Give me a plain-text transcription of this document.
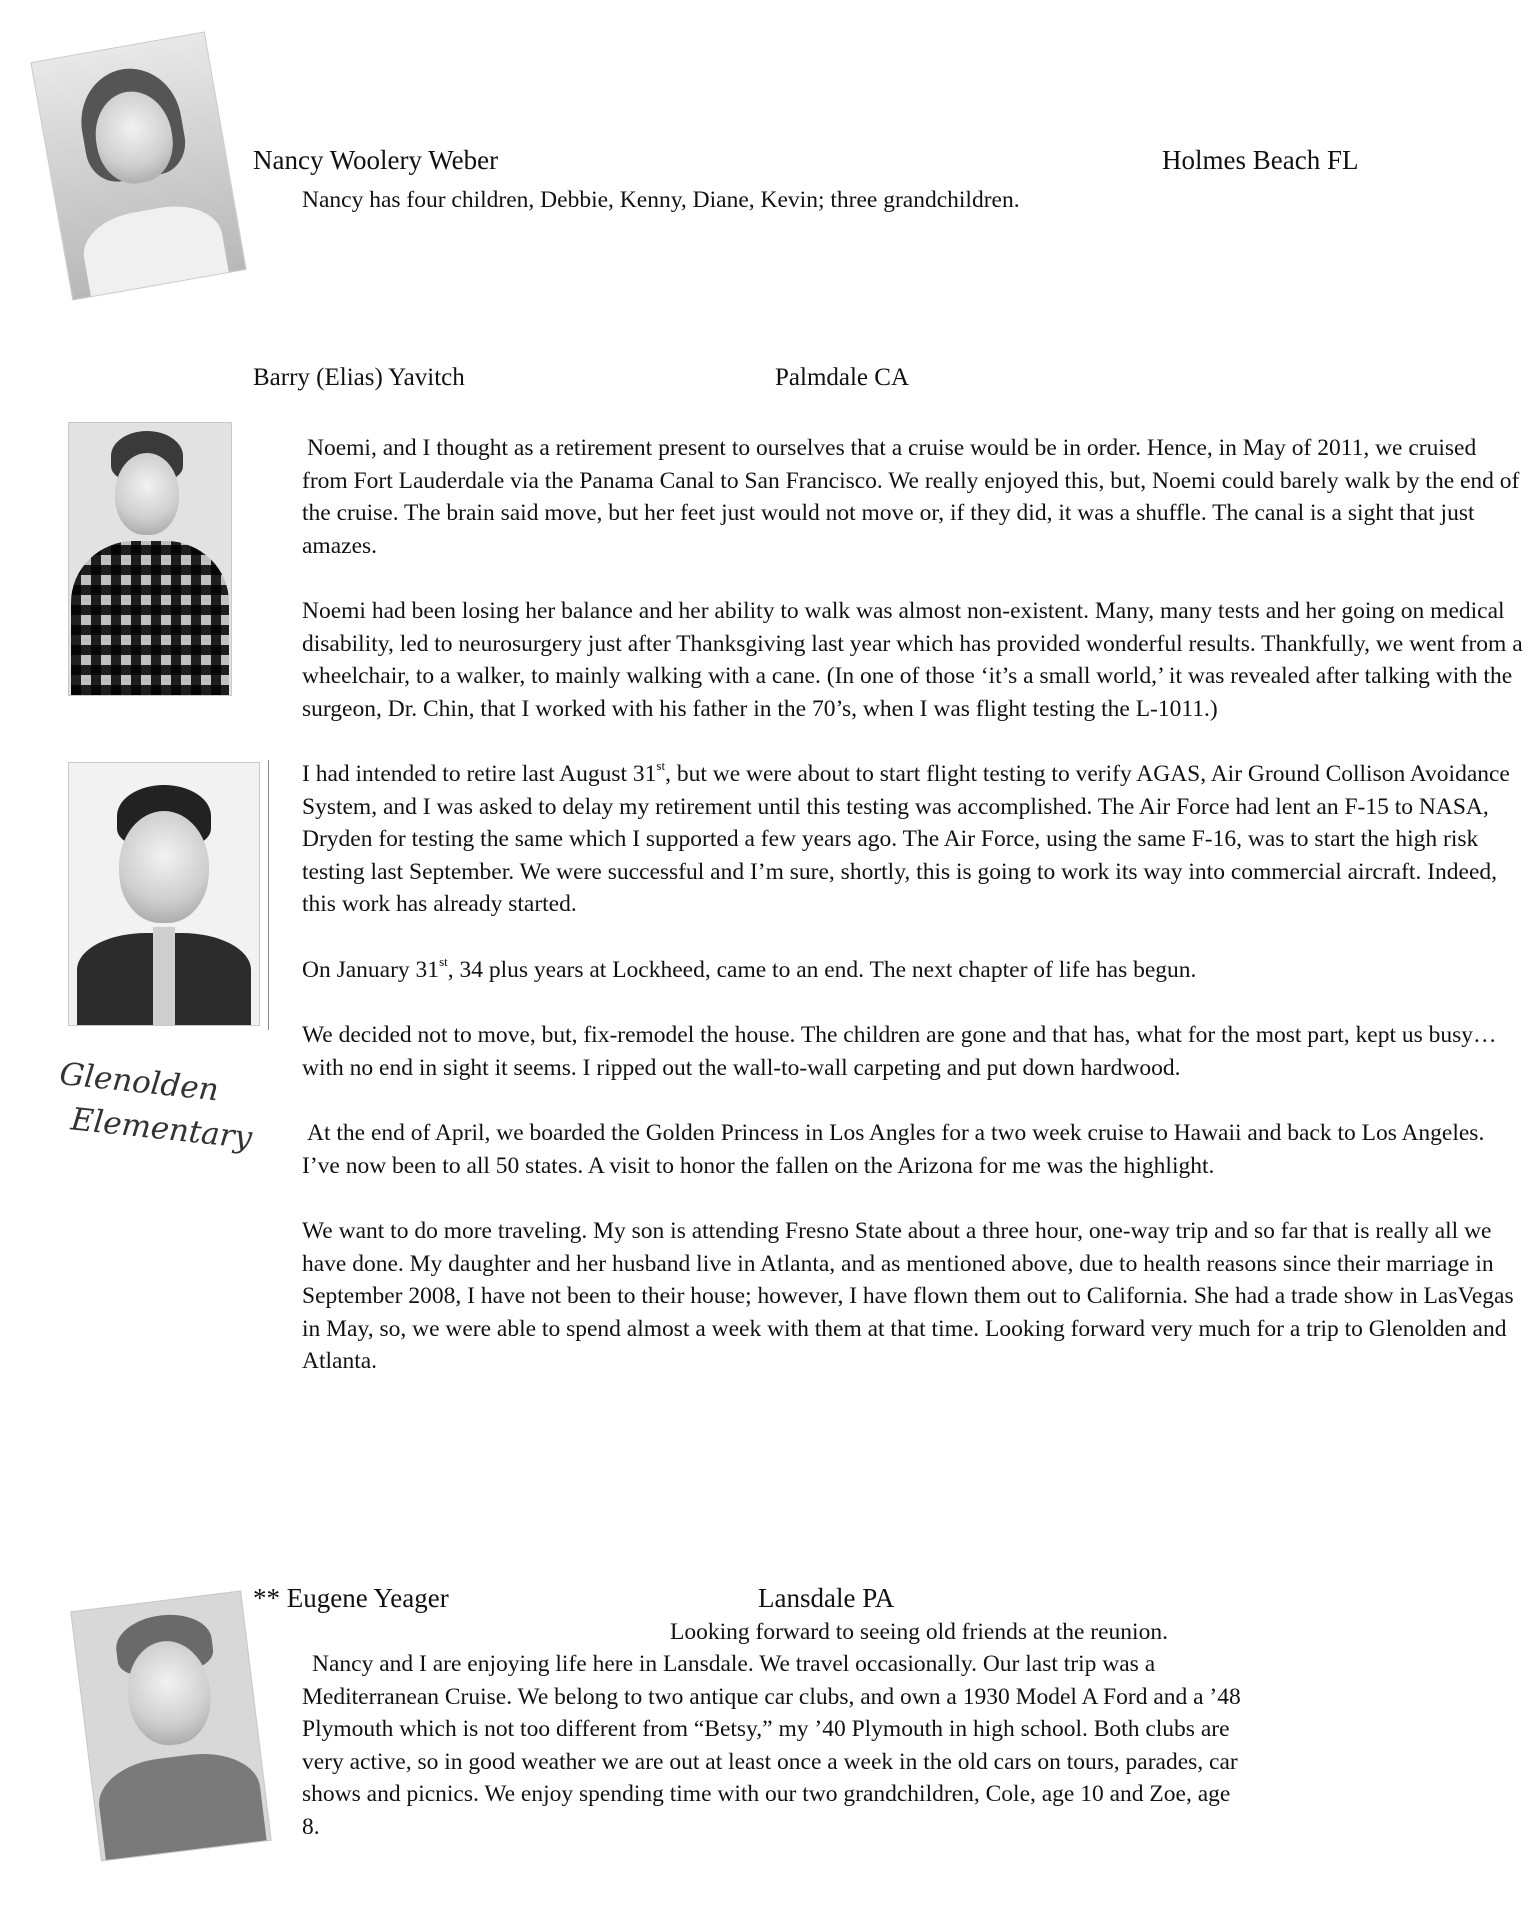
Nancy Woolery Weber	Holmes Beach FL
Nancy has four children, Debbie, Kenny, Diane, Kevin; three grandchildren.
Barry (Elias) Yavitch	Palmdale CA
Glenolden
Elementary

Noemi, and I thought as a retirement present to ourselves that a cruise would be in order. Hence, in May of 2011, we cruised from Fort Lauderdale via the Panama Canal to San Francisco. We really enjoyed this, but, Noemi could barely walk by the end of the cruise. The brain said move, but her feet just would not move or, if they did, it was a shuffle. The canal is a sight that just amazes.

Noemi had been losing her balance and her ability to walk was almost non-existent. Many, many tests and her going on medical disability, led to neurosurgery just after Thanksgiving last year which has provided wonderful results. Thankfully, we went from a wheelchair, to a walker, to mainly walking with a cane. (In one of those ‘it’s a small world,’ it was revealed after talking with the surgeon, Dr. Chin, that I worked with his father in the 70’s, when I was flight testing the L-1011.)

I had intended to retire last August 31st, but we were about to start flight testing to verify AGAS, Air Ground Collison Avoidance System, and I was asked to delay my retirement until this testing was accomplished. The Air Force had lent an F-15 to NASA, Dryden for testing the same which I supported a few years ago. The Air Force, using the same F-16, was to start the high risk testing last September. We were successful and I’m sure, shortly, this is going to work its way into commercial aircraft. Indeed, this work has already started.

On January 31st, 34 plus years at Lockheed, came to an end. The next chapter of life has begun.

We decided not to move, but, fix-remodel the house. The children are gone and that has, what for the most part, kept us busy… with no end in sight it seems. I ripped out the wall-to-wall carpeting and put down hardwood.

At the end of April, we boarded the Golden Princess in Los Angles for a two week cruise to Hawaii and back to Los Angeles. I’ve now been to all 50 states. A visit to honor the fallen on the Arizona for me was the highlight.

We want to do more traveling. My son is attending Fresno State about a three hour, one-way trip and so far that is really all we have done. My daughter and her husband live in Atlanta, and as mentioned above, due to health reasons since their marriage in September 2008, I have not been to their house; however, I have flown them out to California. She had a trade show in LasVegas in May, so, we were able to spend almost a week with them at that time. Looking forward very much for a trip to Glenolden and Atlanta.

** Eugene Yeager	Lansdale PA
Looking forward to seeing old friends at the reunion.
Nancy and I are enjoying life here in Lansdale. We travel occasionally. Our last trip was a Mediterranean Cruise. We belong to two antique car clubs, and own a 1930 Model A Ford and a ’48 Plymouth which is not too different from “Betsy,” my ’40 Plymouth in high school. Both clubs are very active, so in good weather we are out at least once a week in the old cars on tours, parades, car shows and picnics. We enjoy spending time with our two grandchildren, Cole, age 10 and Zoe, age 8.
